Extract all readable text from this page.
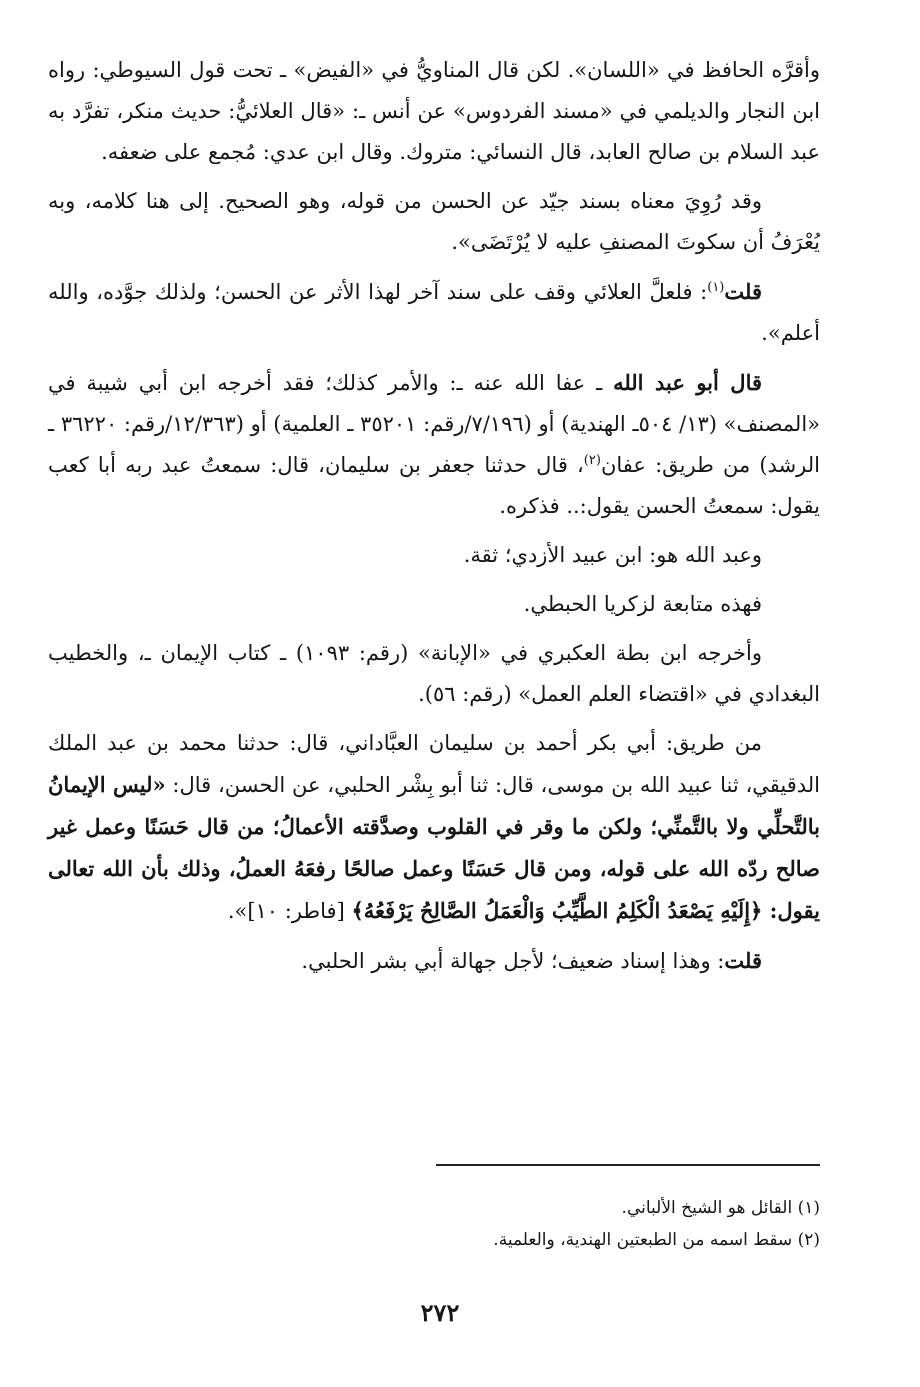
وأقرَّه الحافظ في «اللسان». لكن قال المناويُّ في «الفيض» ـ تحت قول السيوطي: رواه ابن النجار والديلمي في «مسند الفردوس» عن أنس ـ: «قال العلائيُّ: حديث منكر، تفرَّد به عبد السلام بن صالح العابد، قال النسائي: متروك. وقال ابن عدي: مُجمع على ضعفه.

وقد رُوِيَ معناه بسند جيّد عن الحسن من قوله، وهو الصحيح. إلى هنا كلامه، وبه يُعْرَفُ أن سكوتَ المصنفِ عليه لا يُرْتَضَى».

قلت$^{(١)}$: فلعلَّ العلائي وقف على سند آخر لهذا الأثر عن الحسن؛ ولذلك جوَّده، والله أعلم».

قال أبو عبد الله ـ عفا الله عنه ـ: والأمر كذلك؛ فقد أخرجه ابن أبي شيبة في «المصنف» (١٣/ ٥٠٤ـ الهندية) أو (٧/١٩٦/رقم: ٣٥٢٠١ ـ العلمية) أو (١٢/٣٦٣/رقم: ٣٦٢٢٠ ـ الرشد) من طريق: عفان$^{(٢)}$، قال حدثنا جعفر بن سليمان، قال: سمعتُ عبد ربه أبا كعب يقول: سمعتُ الحسن يقول:.. فذكره.

وعبد الله هو: ابن عبيد الأزدي؛ ثقة.

فهذه متابعة لزكريا الحبطي.

وأخرجه ابن بطة العكبري في «الإبانة» (رقم: ١٠٩٣) ـ كتاب الإيمان ـ، والخطيب البغدادي في «اقتضاء العلم العمل» (رقم: ٥٦).

من طريق: أبي بكر أحمد بن سليمان العبَّاداني، قال: حدثنا محمد بن عبد الملك الدقيقي، ثنا عبيد الله بن موسى، قال: ثنا أبو بِشْر الحلبي، عن الحسن، قال: «ليس الإيمانُ بالتَّحلِّي ولا بالتَّمنِّي؛ ولكن ما وقر في القلوب وصدَّقته الأعمالُ؛ من قال حَسَنًا وعمل غير صالح ردّه الله على قوله، ومن قال حَسَنًا وعمل صالحًا رفعَهُ العملُ، وذلك بأن الله تعالى يقول: ﴿إِلَيْهِ يَصْعَدُ الْكَلِمُ الطَّيِّبُ وَالْعَمَلُ الصَّالِحُ يَرْفَعُهُ﴾ [فاطر: ١٠]».

قلت: وهذا إسناد ضعيف؛ لأجل جهالة أبي بشر الحلبي.

(١) القائل هو الشيخ الألباني.

(٢) سقط اسمه من الطبعتين الهندية، والعلمية.

٢٧٢
